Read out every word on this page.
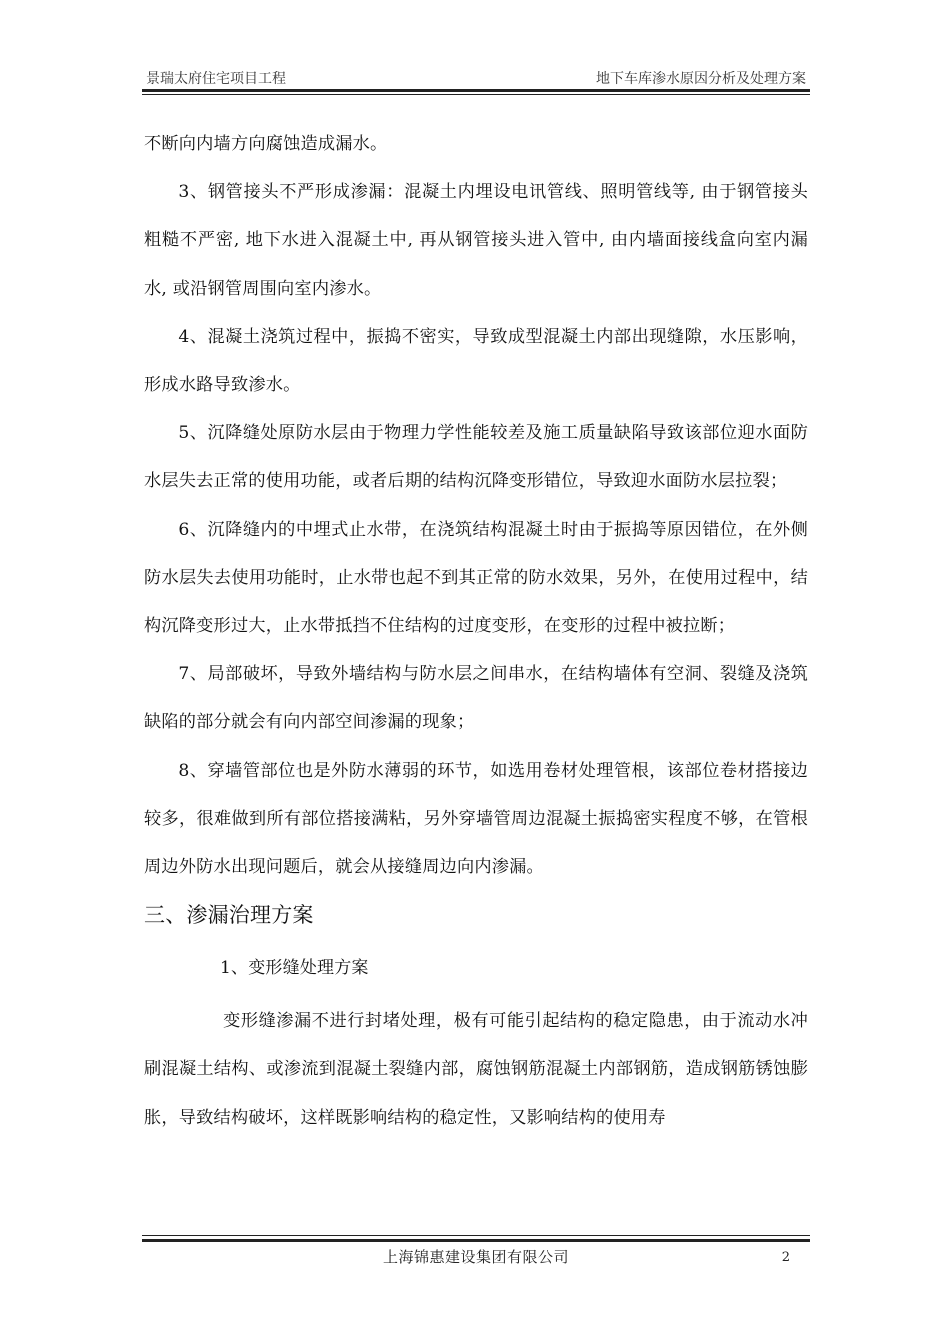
景瑞太府住宅项目工程	地下车库渗水原因分析及处理方案

不断向内墙方向腐蚀造成漏水。

3、钢管接头不严形成渗漏：混凝土内埋设电讯管线、照明管线等, 由于钢管接头粗糙不严密, 地下水进入混凝土中, 再从钢管接头进入管中, 由内墙面接线盒向室内漏水, 或沿钢管周围向室内渗水。

4、混凝土浇筑过程中，振捣不密实，导致成型混凝土内部出现缝隙，水压影响，形成水路导致渗水。

5、沉降缝处原防水层由于物理力学性能较差及施工质量缺陷导致该部位迎水面防水层失去正常的使用功能，或者后期的结构沉降变形错位，导致迎水面防水层拉裂；

6、沉降缝内的中埋式止水带，在浇筑结构混凝土时由于振捣等原因错位，在外侧防水层失去使用功能时，止水带也起不到其正常的防水效果，另外，在使用过程中，结构沉降变形过大，止水带抵挡不住结构的过度变形，在变形的过程中被拉断；

7、局部破坏，导致外墙结构与防水层之间串水，在结构墙体有空洞、裂缝及浇筑缺陷的部分就会有向内部空间渗漏的现象；

8、穿墙管部位也是外防水薄弱的环节，如选用卷材处理管根，该部位卷材搭接边较多，很难做到所有部位搭接满粘，另外穿墙管周边混凝土振捣密实程度不够，在管根周边外防水出现问题后，就会从接缝周边向内渗漏。

三、渗漏治理方案

1、变形缝处理方案

变形缝渗漏不进行封堵处理，极有可能引起结构的稳定隐患，由于流动水冲刷混凝土结构、或渗流到混凝土裂缝内部，腐蚀钢筋混凝土内部钢筋，造成钢筋锈蚀膨胀，导致结构破坏，这样既影响结构的稳定性，又影响结构的使用寿

上海锦惠建设集团有限公司	2
